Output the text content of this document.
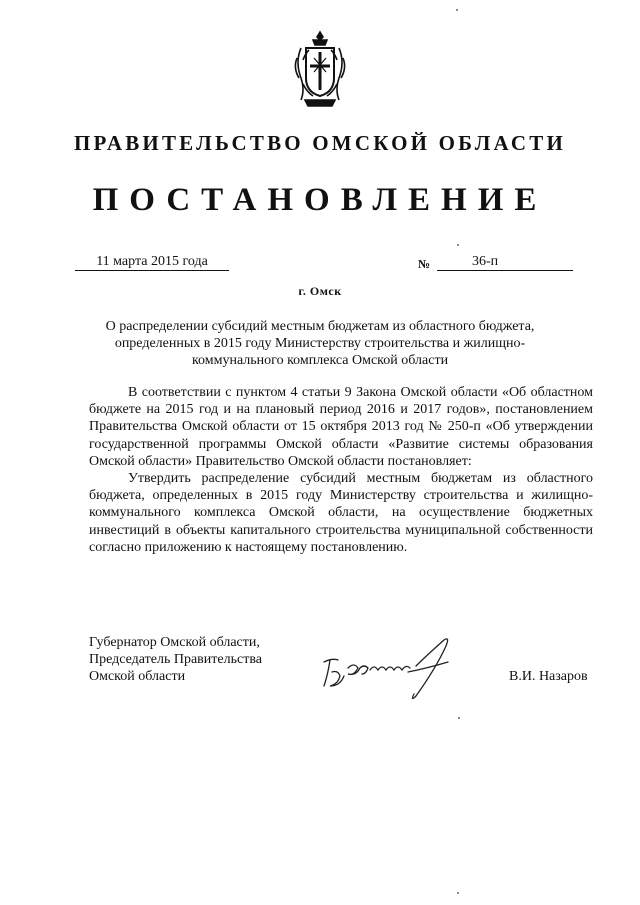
ПРАВИТЕЛЬСТВО ОМСКОЙ ОБЛАСТИ
ПОСТАНОВЛЕНИЕ
11 марта 2015 года	№	36-п
г. Омск
О распределении субсидий местным бюджетам из областного бюджета,
определенных в 2015 году Министерству строительства и жилищно-
коммунального комплекса Омской области

В соответствии с пунктом 4 статьи 9 Закона Омской области «Об областном бюджете на 2015 год и на плановый период 2016 и 2017 годов», постановлением Правительства Омской области от 15 октября 2013 год № 250-п «Об утверждении государственной программы Омской области «Развитие системы образования Омской области» Правительство Омской области постановляет:

Утвердить распределение субсидий местным бюджетам из областного бюджета, определенных в 2015 году Министерству строительства и жилищно-коммунального комплекса Омской области, на осуществление бюджетных инвестиций в объекты капитального строительства муниципальной собственности согласно приложению к настоящему постановлению.

Губернатор Омской области,
Председатель Правительства
Омской области	В.И. Назаров
